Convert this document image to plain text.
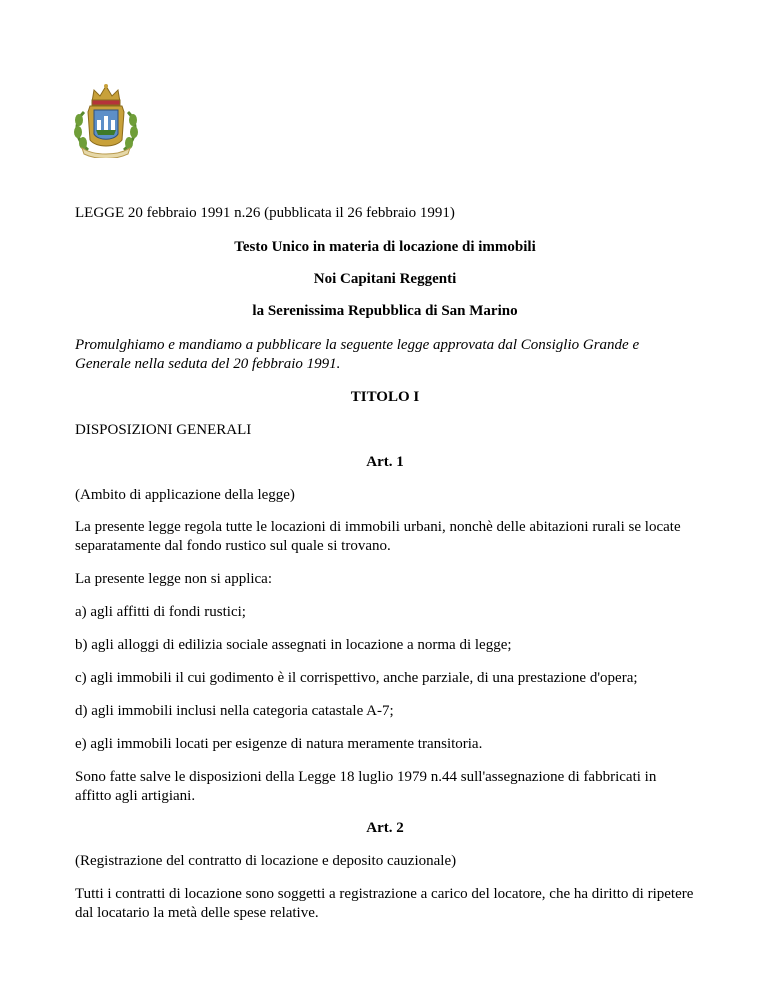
LEGGE 20 febbraio 1991 n.26 (pubblicata il 26 febbraio 1991)

Testo Unico in materia di locazione di immobili

Noi Capitani Reggenti

la Serenissima Repubblica di San Marino

Promulghiamo e mandiamo a pubblicare la seguente legge approvata dal Consiglio Grande e Generale nella seduta del 20 febbraio 1991.

TITOLO I

DISPOSIZIONI GENERALI

Art. 1

(Ambito di applicazione della legge)

La presente legge regola tutte le locazioni di immobili urbani, nonchè delle abitazioni rurali se locate separatamente dal fondo rustico sul quale si trovano.

La presente legge non si applica:

a) agli affitti di fondi rustici;

b) agli alloggi di edilizia sociale assegnati in locazione a norma di legge;

c) agli immobili il cui godimento è il corrispettivo, anche parziale, di una prestazione d'opera;

d) agli immobili inclusi nella categoria catastale A-7;

e) agli immobili locati per esigenze di natura meramente transitoria.

Sono fatte salve le disposizioni della Legge 18 luglio 1979 n.44 sull'assegnazione di fabbricati in affitto agli artigiani.

Art. 2

(Registrazione del contratto di locazione e deposito cauzionale)

Tutti i contratti di locazione sono soggetti a registrazione a carico del locatore, che ha diritto di ripetere dal locatario la metà delle spese relative.
